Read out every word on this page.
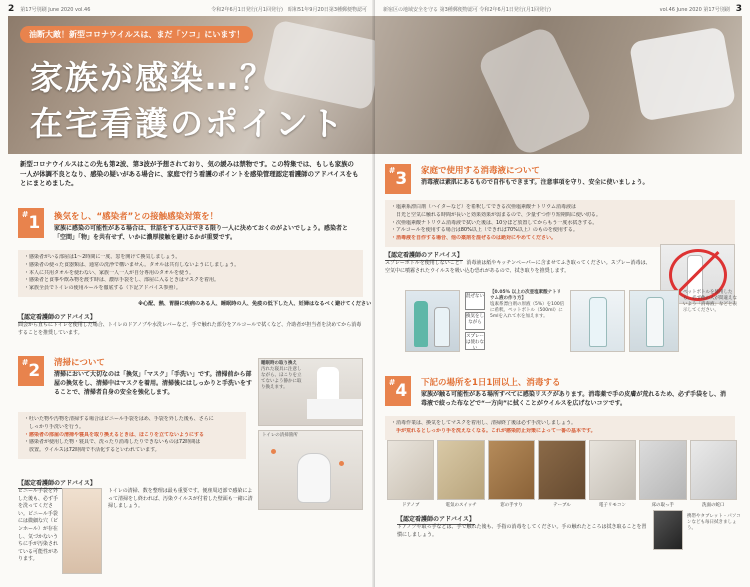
2 第17号別刷 June 2020 vol.46	令和2年6月1日発行(月1回発行)　昭和51年9月20日第3種郵便物認可
油断大敵！新型コロナウイルスは、まだ「ソコ」にいます！
家族が感染…？
在宅看護のポイント
新型コロナウイルスはこの先も第2波、第3波が予想されており、気の緩みは禁物です。この特集では、もしも家族の一人が体調不良となり、感染の疑いがある場合に、家庭で行う看護のポイントを感染管理認定看護師のアドバイスをもとにまとめました。
#1	換気をし、“感染者”との接触感染対策を！
家族に感染の可能性がある場合は、世話をする人はできる限り一人に決めておくのがよいでしょう。感染者と「空間」「物」を共有せず、いかに濃厚接触を避けるかが重要です。
・感染者がいる部屋は1〜2時間に一度、窓を開けて換気しましょう。
・感染者の使った食器類は、通常の洗浄で構いません。タオルは共有しないようにしましょう。
・本人に共用タオルを使わない、家族一人一人が自分専用のタオルを使う。
・感染者と食事や飲み物を渡す時は、濃厚手袋をし、部屋に入るときはマスクを着用。
・家族全員でトイレの使用ルールを徹底する（下記アドバイス参照）。
※心配、熱、胃腸に疾病のある人、睡眠時の人、免疫の低下した人、妊婦はなるべく避けてください
【認定看護師のアドバイス】
面会から直ちにトイレを使用した場合、トイレのドアノブや水洗レバーなど、手で触れた部分をアルコールで拭くなど、介助者が担当者を決めてから消毒することを推奨しています。
#2	清掃について
清掃において大切なのは「換気」「マスク」「手洗い」です。清掃前から部屋の換気をし、清掃中はマスクを着用。清掃後にはしっかりと手洗いをすることで、清掃者自身の安全を強化します。
・吐いた物や汚物を清掃する場合はビニール手袋をはめ、手袋を外した後も、さらに
　しっかり手洗いを行う。
・感染者の部屋の清掃や寝具を取り換えるときは、ほこりを立てないようにする
・感染者が使用した物・寝具で、洗ったり消毒したりできないものは72時間は
　放置。ウイルスは72時間で不活化するといわれています。
睡眠時の取り換え
汚れた寝具に注意しながら、ほこりを立てないよう静かに取り換えます。
トイレの清掃箇所
【認定看護師のアドバイス】
ビニール手袋を外した後も、必ず手を洗ってください。ビニール手袋には微細な穴（ピンホール）が存在し、気づかないうちに手が汚染されている可能性があります。
トイレの清掃、数を整理は最も重要です。便座周辺部で感染によって清掃をし終われば、汚染ウイルスが付着した壁面も一緒に清掃しましょう。
新宿区の地域安全を守る 第3種郵便物認可 令和2年6月1日発行(月1回発行)	vol.46 June 2020 第17号別刷 3
#3	家庭で使用する消毒液について
消毒液は素肌にあるもので自作もできます。注意事項を守り、安全に使いましょう。
・塩素系漂白剤（ハイターなど）を希釈してできる次亜塩素酸ナトリウム消毒液は
　日光と空気に触れる時間が長いと効果効果が弱まるので、少量ずつ作り短期間に使い切る。
・次亜塩素酸ナトリウム消毒液で拭いた後は、10分ほど放置してからもう一度水拭きする。
・アルコールを使用する場合は80%以上（できれば70%以上）のものを使用する。
・消毒液を自作する場合、他の薬剤を混ぜるのは絶対にやめてください。
【認定看護師のアドバイス】
スプレーボトルを使用しないこと！ 消毒液は紙やキッチンペーパーに含ませてふき取ってください。スプレー消毒は、空気中に噴霧されたウイルスを吸い込む恐れがあるので、拭き取りを推奨します。
混ぜない
換気をしながら
スプレーは使わない
【0.05% 以上の次亜塩素酸ナトリウム液の作り方】
塩素系漂白剤の原液（5%）を100倍に希釈。ペットボトル（500ml）に5mlを入れて水を加えます。
ペットボトルを使用したら、必ず他の人が間違えないよう「消毒液」などと表示してください。
#4	下記の場所を1日1回以上、消毒する
家族が触る可能性がある場所すべてに感染リスクがあります。消毒薬で手の皮膚が荒れるため、必ず手袋をし、消毒液で絞った布などで“一方向”に拭くことがウイルスを広げないコツです。
・消毒作業は、換気をしてマスクを着用し、清掃終了後は必ず手洗いしましょう。
　手が荒れるとしっかり手を洗えなくなる。これが感染防止対策によって一番の基本です。
ドアノブ	電気のスイッチ	窓の手すり	テーブル	電子リモコン	床の取っ手	洗面の蛇口
【認定看護師のアドバイス】
ドアノブや取っ手などは、手で触れた後も、手指の消毒をしてください。手の触れたところは拭き取ることを習慣にしましょう。
携帯やタブレット・パソコンなども毎日拭きましょう。
